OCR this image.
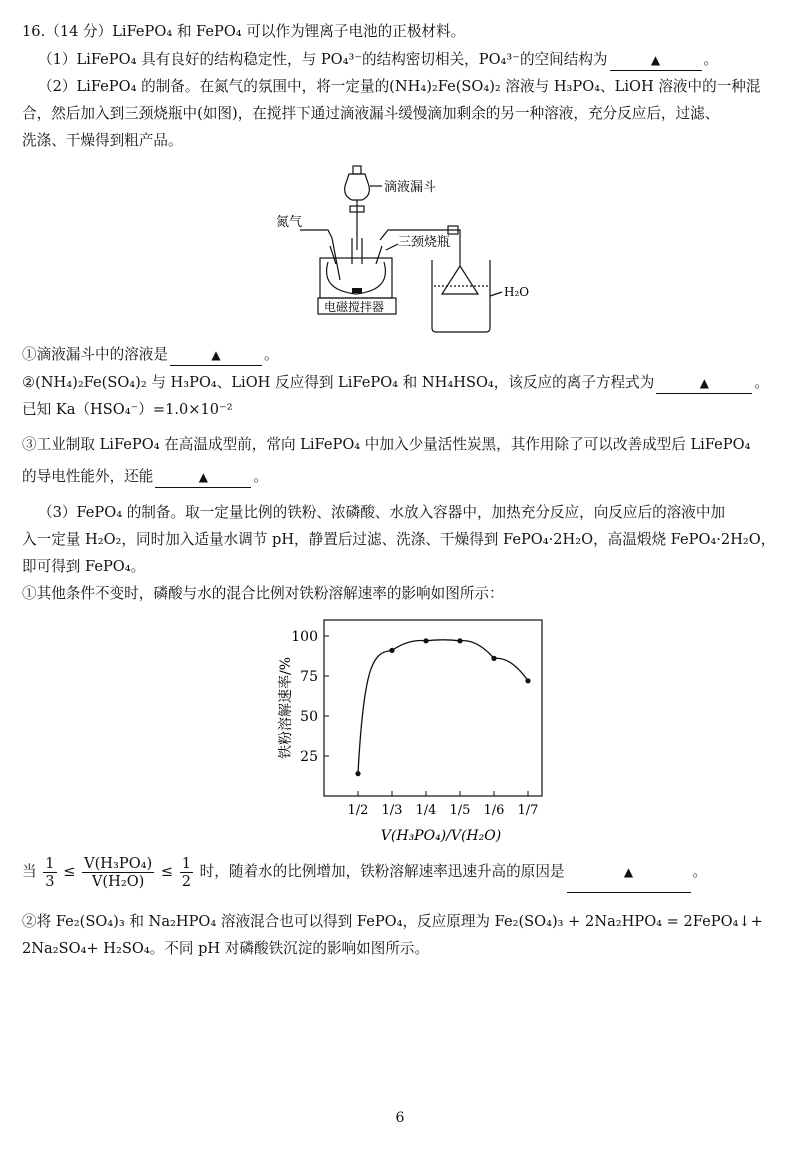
16.（14 分）LiFePO₄ 和 FePO₄ 可以作为锂离子电池的正极材料。
（1）LiFePO₄ 具有良好的结构稳定性，与 PO₄³⁻的结构密切相关，PO₄³⁻的空间结构为	▲	。
（2）LiFePO₄ 的制备。在氮气的氛围中，将一定量的(NH₄)₂Fe(SO₄)₂ 溶液与 H₃PO₄、LiOH 溶液中的一种混
合，然后加入到三颈烧瓶中(如图)，在搅拌下通过滴液漏斗缓慢滴加剩余的另一种溶液，充分反应后，过滤、
洗涤、干燥得到粗产品。
滴液漏斗
氮气
三颈烧瓶
电磁搅拌器
H₂O
①滴液漏斗中的溶液是	▲	。
②(NH₄)₂Fe(SO₄)₂ 与 H₃PO₄、LiOH 反应得到 LiFePO₄ 和 NH₄HSO₄，该反应的离子方程式为	▲	。
已知 Ka（HSO₄⁻）=1.0×10⁻²
③工业制取 LiFePO₄ 在高温成型前，常向 LiFePO₄ 中加入少量活性炭黑，其作用除了可以改善成型后 LiFePO₄
的导电性能外，还能	▲	。
（3）FePO₄ 的制备。取一定量比例的铁粉、浓磷酸、水放入容器中，加热充分反应，向反应后的溶液中加
入一定量 H₂O₂，同时加入适量水调节 pH，静置后过滤、洗涤、干燥得到 FePO₄·2H₂O，高温煅烧 FePO₄·2H₂O，
即可得到 FePO₄。
①其他条件不变时，磷酸与水的混合比例对铁粉溶解速率的影响如图所示：
25
50
75
100
1/2 1/3 1/4 1/5 1/6 1/7
V(H₃PO₄)/V(H₂O)
铁粉溶解速率/%
当 $\frac{1}{3} \le \frac{\text{V(H₃PO₄)}}{\text{V(H₂O)}} \le \frac{1}{2}$ 时，随着水的比例增加，铁粉溶解速率迅速升高的原因是	▲	。
②将 Fe₂(SO₄)₃ 和 Na₂HPO₄ 溶液混合也可以得到 FePO₄，反应原理为 Fe₂(SO₄)₃ + 2Na₂HPO₄ = 2FePO₄↓+
2Na₂SO₄+ H₂SO₄。不同 pH 对磷酸铁沉淀的影响如图所示。
6
